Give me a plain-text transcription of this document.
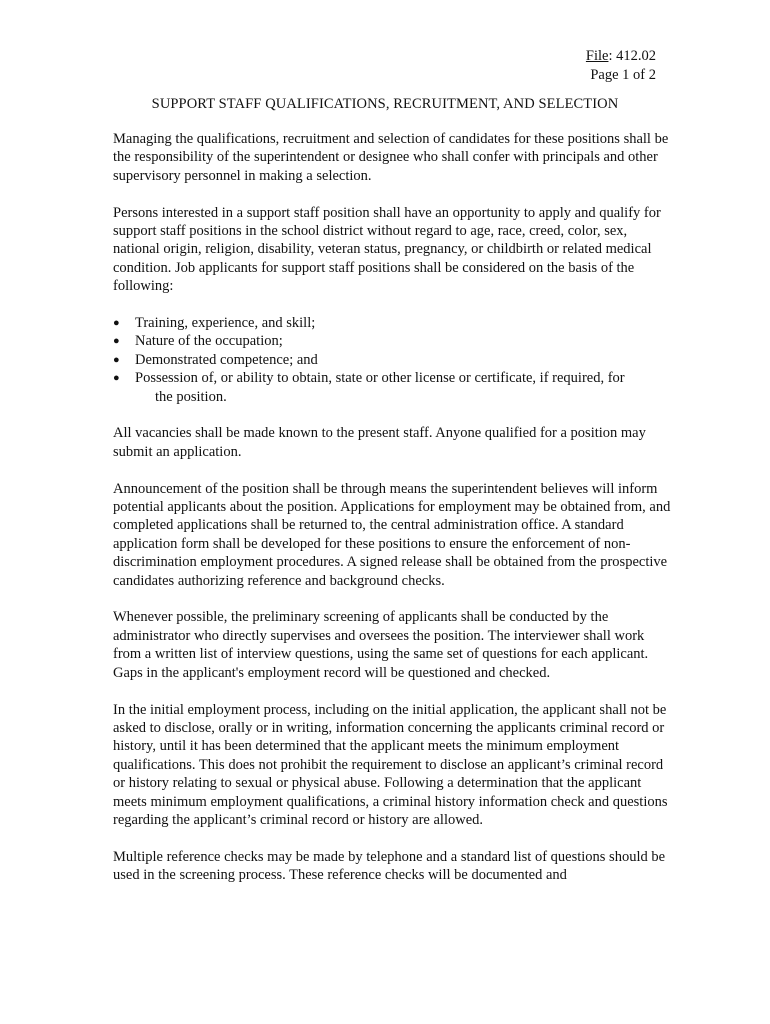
File: 412.02
Page 1 of 2
SUPPORT STAFF QUALIFICATIONS, RECRUITMENT, AND SELECTION

Managing the qualifications, recruitment and selection of candidates for these positions shall be the responsibility of the superintendent or designee who shall confer with principals and other supervisory personnel in making a selection.

Persons interested in a support staff position shall have an opportunity to apply and qualify for support staff positions in the school district without regard to age, race, creed, color, sex, national origin, religion, disability, veteran status, pregnancy, or childbirth or related medical condition. Job applicants for support staff positions shall be considered on the basis of the following:

● Training, experience, and skill;
● Nature of the occupation;
● Demonstrated competence; and
● Possession of, or ability to obtain, state or other license or certificate, if required, for
the position.

All vacancies shall be made known to the present staff. Anyone qualified for a position may submit an application.

Announcement of the position shall be through means the superintendent believes will inform potential applicants about the position. Applications for employment may be obtained from, and completed applications shall be returned to, the central administration office. A standard application form shall be developed for these positions to ensure the enforcement of non-discrimination employment procedures. A signed release shall be obtained from the prospective candidates authorizing reference and background checks.

Whenever possible, the preliminary screening of applicants shall be conducted by the administrator who directly supervises and oversees the position. The interviewer shall work from a written list of interview questions, using the same set of questions for each applicant. Gaps in the applicant's employment record will be questioned and checked.

In the initial employment process, including on the initial application, the applicant shall not be asked to disclose, orally or in writing, information concerning the applicants criminal record or history, until it has been determined that the applicant meets the minimum employment qualifications. This does not prohibit the requirement to disclose an applicant’s criminal record or history relating to sexual or physical abuse. Following a determination that the applicant meets minimum employment qualifications, a criminal history information check and questions regarding the applicant’s criminal record or history are allowed.

Multiple reference checks may be made by telephone and a standard list of questions should be used in the screening process. These reference checks will be documented and
